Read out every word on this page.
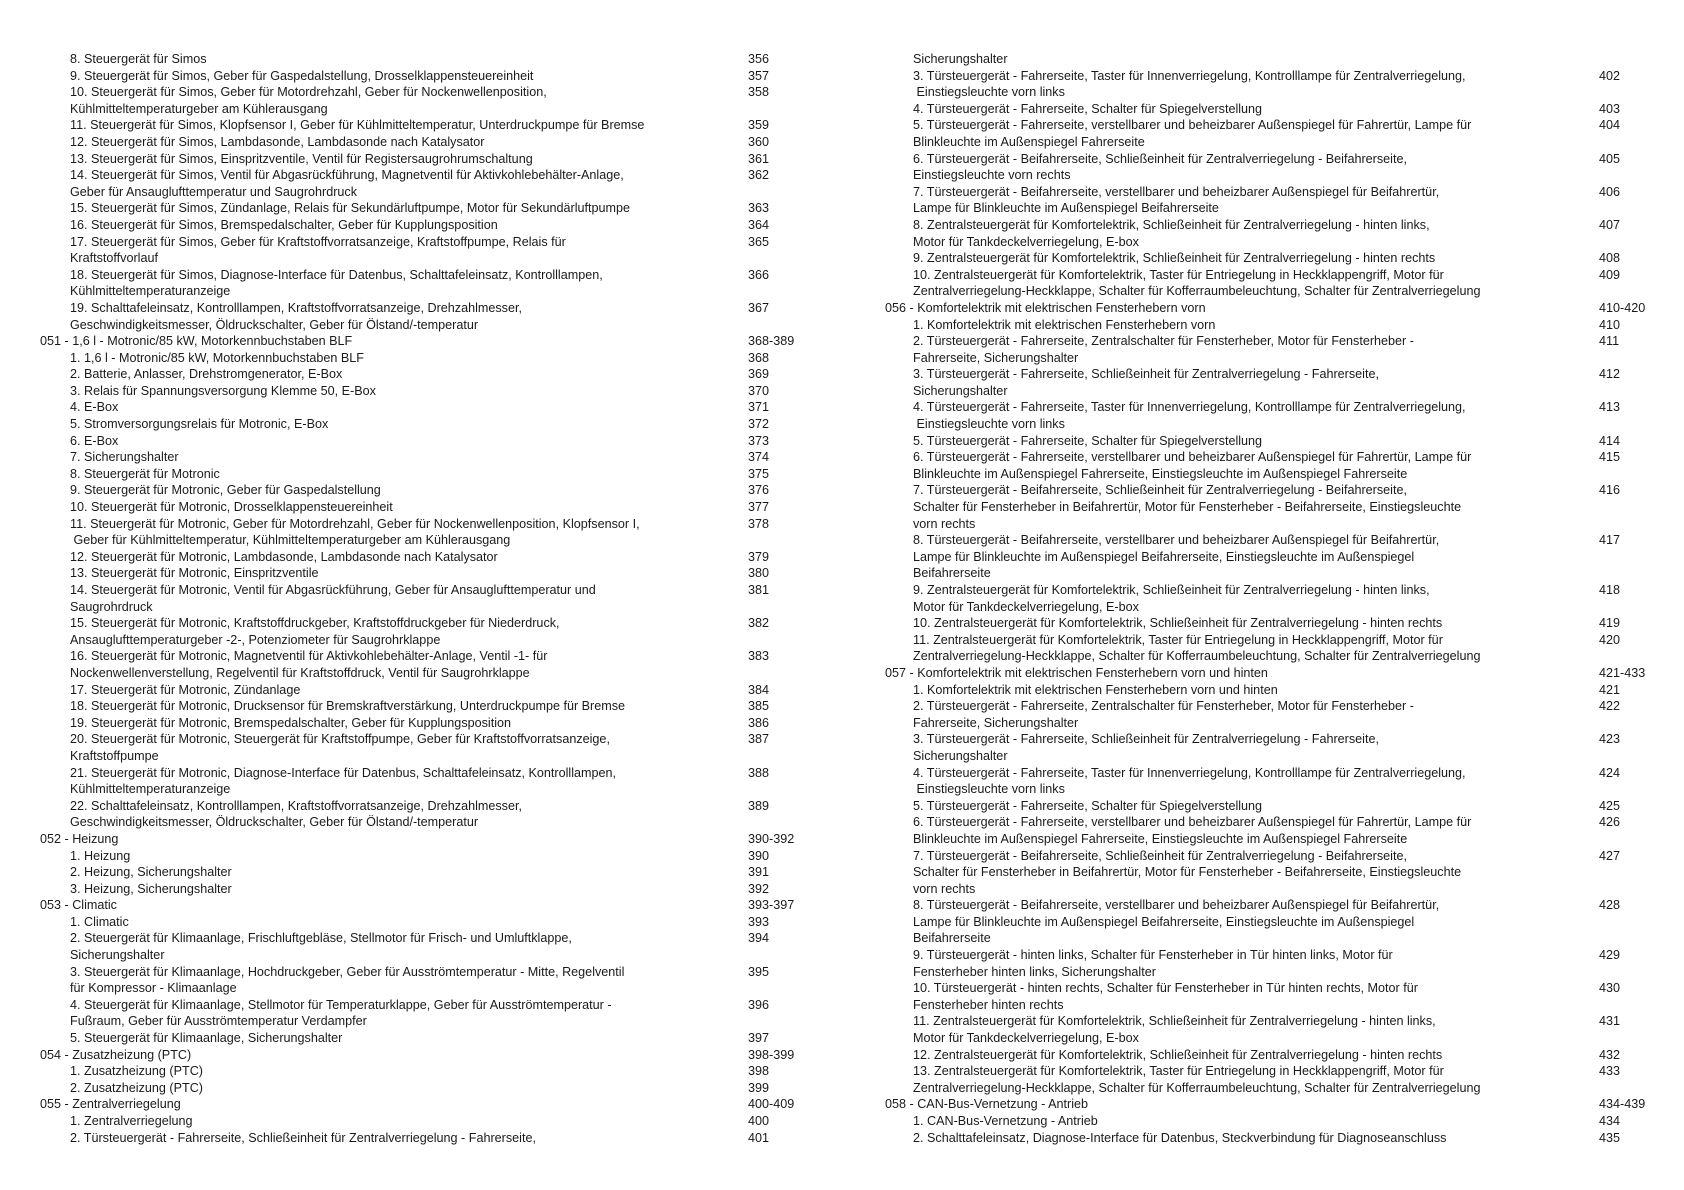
8. Steuergerät für Simos	356
9. Steuergerät für Simos, Geber für Gaspedalstellung, Drosselklappensteuereinheit	357
10. Steuergerät für Simos, Geber für Motordrehzahl, Geber für Nockenwellenposition,
Kühlmitteltemperaturgeber am Kühlerausgang
358
11. Steuergerät für Simos, Klopfsensor I, Geber für Kühlmitteltemperatur, Unterdruckpumpe für Bremse	359
12. Steuergerät für Simos, Lambdasonde, Lambdasonde nach Katalysator	360
13. Steuergerät für Simos, Einspritzventile, Ventil für Registersaugrohrumschaltung	361
14. Steuergerät für Simos, Ventil für Abgasrückführung, Magnetventil für Aktivkohlebehälter-Anlage,
Geber für Ansauglufttemperatur und Saugrohrdruck
362
15. Steuergerät für Simos, Zündanlage, Relais für Sekundärluftpumpe, Motor für Sekundärluftpumpe	363
16. Steuergerät für Simos, Bremspedalschalter, Geber für Kupplungsposition	364
17. Steuergerät für Simos, Geber für Kraftstoffvorratsanzeige, Kraftstoffpumpe, Relais für
Kraftstoffvorlauf
365
18. Steuergerät für Simos, Diagnose-Interface für Datenbus, Schalttafeleinsatz, Kontrolllampen,
Kühlmitteltemperaturanzeige
366
19. Schalttafeleinsatz, Kontrolllampen, Kraftstoffvorratsanzeige, Drehzahlmesser,
Geschwindigkeitsmesser, Öldruckschalter, Geber für Ölstand/-temperatur
367
051 - 1,6 l - Motronic/85 kW, Motorkennbuchstaben BLF	368-389
1. 1,6 l - Motronic/85 kW, Motorkennbuchstaben BLF	368
2. Batterie, Anlasser, Drehstromgenerator, E-Box	369
3. Relais für Spannungsversorgung Klemme 50, E-Box	370
4. E-Box	371
5. Stromversorgungsrelais für Motronic, E-Box	372
6. E-Box	373
7. Sicherungshalter	374
8. Steuergerät für Motronic	375
9. Steuergerät für Motronic, Geber für Gaspedalstellung	376
10. Steuergerät für Motronic, Drosselklappensteuereinheit	377
11. Steuergerät für Motronic, Geber für Motordrehzahl, Geber für Nockenwellenposition, Klopfsensor I,
Geber für Kühlmitteltemperatur, Kühlmitteltemperaturgeber am Kühlerausgang
378
12. Steuergerät für Motronic, Lambdasonde, Lambdasonde nach Katalysator	379
13. Steuergerät für Motronic, Einspritzventile	380
14. Steuergerät für Motronic, Ventil für Abgasrückführung, Geber für Ansauglufttemperatur und
Saugrohrdruck
381
15. Steuergerät für Motronic, Kraftstoffdruckgeber, Kraftstoffdruckgeber für Niederdruck,
Ansauglufttemperaturgeber -2-, Potenziometer für Saugrohrklappe
382
16. Steuergerät für Motronic, Magnetventil für Aktivkohlebehälter-Anlage, Ventil -1- für
Nockenwellenverstellung, Regelventil für Kraftstoffdruck, Ventil für Saugrohrklappe
383
17. Steuergerät für Motronic, Zündanlage	384
18. Steuergerät für Motronic, Drucksensor für Bremskraftverstärkung, Unterdruckpumpe für Bremse	385
19. Steuergerät für Motronic, Bremspedalschalter, Geber für Kupplungsposition	386
20. Steuergerät für Motronic, Steuergerät für Kraftstoffpumpe, Geber für Kraftstoffvorratsanzeige,
Kraftstoffpumpe
387
21. Steuergerät für Motronic, Diagnose-Interface für Datenbus, Schalttafeleinsatz, Kontrolllampen,
Kühlmitteltemperaturanzeige
388
22. Schalttafeleinsatz, Kontrolllampen, Kraftstoffvorratsanzeige, Drehzahlmesser,
Geschwindigkeitsmesser, Öldruckschalter, Geber für Ölstand/-temperatur
389
052 - Heizung	390-392
1. Heizung	390
2. Heizung, Sicherungshalter	391
3. Heizung, Sicherungshalter	392
053 - Climatic	393-397
1. Climatic	393
2. Steuergerät für Klimaanlage, Frischluftgebläse, Stellmotor für Frisch- und Umluftklappe,
Sicherungshalter
394
3. Steuergerät für Klimaanlage, Hochdruckgeber, Geber für Ausströmtemperatur - Mitte, Regelventil
für Kompressor - Klimaanlage
395
4. Steuergerät für Klimaanlage, Stellmotor für Temperaturklappe, Geber für Ausströmtemperatur -
Fußraum, Geber für Ausströmtemperatur Verdampfer
396
5. Steuergerät für Klimaanlage, Sicherungshalter	397
054 - Zusatzheizung (PTC)	398-399
1. Zusatzheizung (PTC)	398
2. Zusatzheizung (PTC)	399
055 - Zentralverriegelung	400-409
1. Zentralverriegelung	400
2. Türsteuergerät - Fahrerseite, Schließeinheit für Zentralverriegelung - Fahrerseite,	401
Sicherungshalter
3. Türsteuergerät - Fahrerseite, Taster für Innenverriegelung, Kontrolllampe für Zentralverriegelung,
Einstiegsleuchte vorn links
402
4. Türsteuergerät - Fahrerseite, Schalter für Spiegelverstellung	403
5. Türsteuergerät - Fahrerseite, verstellbarer und beheizbarer Außenspiegel für Fahrertür, Lampe für
Blinkleuchte im Außenspiegel Fahrerseite
404
6. Türsteuergerät - Beifahrerseite, Schließeinheit für Zentralverriegelung - Beifahrerseite,
Einstiegsleuchte vorn rechts
405
7. Türsteuergerät - Beifahrerseite, verstellbarer und beheizbarer Außenspiegel für Beifahrertür,
Lampe für Blinkleuchte im Außenspiegel Beifahrerseite
406
8. Zentralsteuergerät für Komfortelektrik, Schließeinheit für Zentralverriegelung - hinten links,
Motor für Tankdeckelverriegelung, E-box
407
9. Zentralsteuergerät für Komfortelektrik, Schließeinheit für Zentralverriegelung - hinten rechts	408
10. Zentralsteuergerät für Komfortelektrik, Taster für Entriegelung in Heckklappengriff, Motor für
Zentralverriegelung-Heckklappe, Schalter für Kofferraumbeleuchtung, Schalter für Zentralverriegelung
409
056 - Komfortelektrik mit elektrischen Fensterhebern vorn	410-420
1. Komfortelektrik mit elektrischen Fensterhebern vorn	410
2. Türsteuergerät - Fahrerseite, Zentralschalter für Fensterheber, Motor für Fensterheber -
Fahrerseite, Sicherungshalter
411
3. Türsteuergerät - Fahrerseite, Schließeinheit für Zentralverriegelung - Fahrerseite,
Sicherungshalter
412
4. Türsteuergerät - Fahrerseite, Taster für Innenverriegelung, Kontrolllampe für Zentralverriegelung,
Einstiegsleuchte vorn links
413
5. Türsteuergerät - Fahrerseite, Schalter für Spiegelverstellung	414
6. Türsteuergerät - Fahrerseite, verstellbarer und beheizbarer Außenspiegel für Fahrertür, Lampe für
Blinkleuchte im Außenspiegel Fahrerseite, Einstiegsleuchte im Außenspiegel Fahrerseite
415
7. Türsteuergerät - Beifahrerseite, Schließeinheit für Zentralverriegelung - Beifahrerseite,
Schalter für Fensterheber in Beifahrertür, Motor für Fensterheber - Beifahrerseite, Einstiegsleuchte
vorn rechts
416
8. Türsteuergerät - Beifahrerseite, verstellbarer und beheizbarer Außenspiegel für Beifahrertür,
Lampe für Blinkleuchte im Außenspiegel Beifahrerseite, Einstiegsleuchte im Außenspiegel
Beifahrerseite
417
9. Zentralsteuergerät für Komfortelektrik, Schließeinheit für Zentralverriegelung - hinten links,
Motor für Tankdeckelverriegelung, E-box
418
10. Zentralsteuergerät für Komfortelektrik, Schließeinheit für Zentralverriegelung - hinten rechts	419
11. Zentralsteuergerät für Komfortelektrik, Taster für Entriegelung in Heckklappengriff, Motor für
Zentralverriegelung-Heckklappe, Schalter für Kofferraumbeleuchtung, Schalter für Zentralverriegelung
420
057 - Komfortelektrik mit elektrischen Fensterhebern vorn und hinten	421-433
1. Komfortelektrik mit elektrischen Fensterhebern vorn und hinten	421
2. Türsteuergerät - Fahrerseite, Zentralschalter für Fensterheber, Motor für Fensterheber -
Fahrerseite, Sicherungshalter
422
3. Türsteuergerät - Fahrerseite, Schließeinheit für Zentralverriegelung - Fahrerseite,
Sicherungshalter
423
4. Türsteuergerät - Fahrerseite, Taster für Innenverriegelung, Kontrolllampe für Zentralverriegelung,
Einstiegsleuchte vorn links
424
5. Türsteuergerät - Fahrerseite, Schalter für Spiegelverstellung	425
6. Türsteuergerät - Fahrerseite, verstellbarer und beheizbarer Außenspiegel für Fahrertür, Lampe für
Blinkleuchte im Außenspiegel Fahrerseite, Einstiegsleuchte im Außenspiegel Fahrerseite
426
7. Türsteuergerät - Beifahrerseite, Schließeinheit für Zentralverriegelung - Beifahrerseite,
Schalter für Fensterheber in Beifahrertür, Motor für Fensterheber - Beifahrerseite, Einstiegsleuchte
vorn rechts
427
8. Türsteuergerät - Beifahrerseite, verstellbarer und beheizbarer Außenspiegel für Beifahrertür,
Lampe für Blinkleuchte im Außenspiegel Beifahrerseite, Einstiegsleuchte im Außenspiegel
Beifahrerseite
428
9. Türsteuergerät - hinten links, Schalter für Fensterheber in Tür hinten links, Motor für
Fensterheber hinten links, Sicherungshalter
429
10. Türsteuergerät - hinten rechts, Schalter für Fensterheber in Tür hinten rechts, Motor für
Fensterheber hinten rechts
430
11. Zentralsteuergerät für Komfortelektrik, Schließeinheit für Zentralverriegelung - hinten links,
Motor für Tankdeckelverriegelung, E-box
431
12. Zentralsteuergerät für Komfortelektrik, Schließeinheit für Zentralverriegelung - hinten rechts	432
13. Zentralsteuergerät für Komfortelektrik, Taster für Entriegelung in Heckklappengriff, Motor für
Zentralverriegelung-Heckklappe, Schalter für Kofferraumbeleuchtung, Schalter für Zentralverriegelung
433
058 - CAN-Bus-Vernetzung - Antrieb	434-439
1. CAN-Bus-Vernetzung - Antrieb	434
2. Schalttafeleinsatz, Diagnose-Interface für Datenbus, Steckverbindung für Diagnoseanschluss	435
